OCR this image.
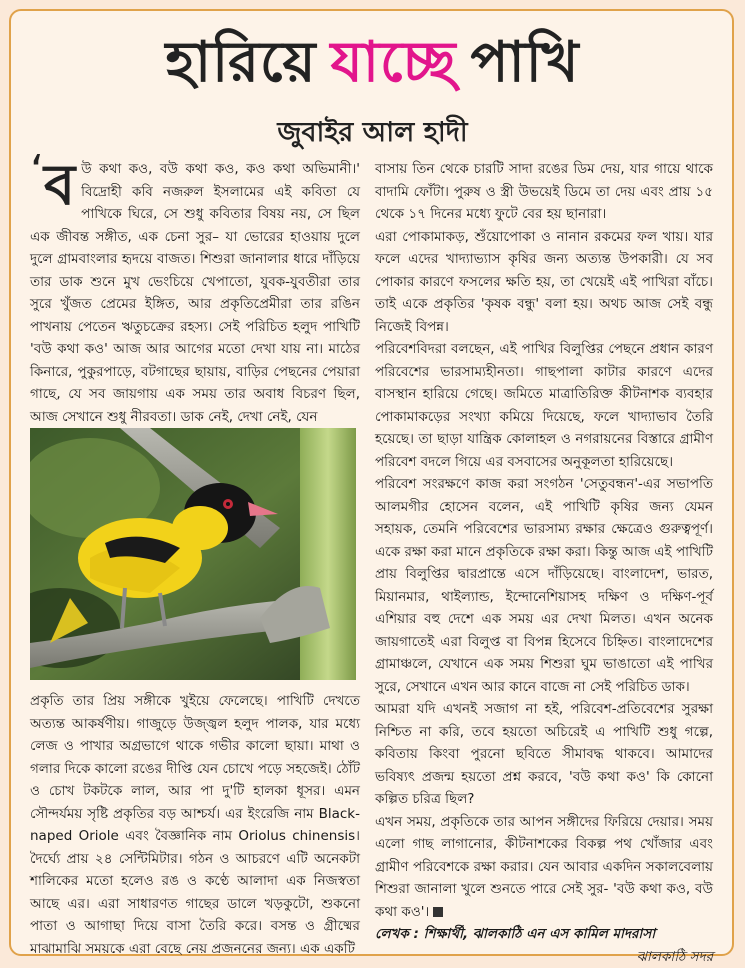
হারিয়ে যাচ্ছে পাখি
জুবাইর আল হাদী

‘ ব উ কথা কও, বউ কথা কও, কও কথা অভিমানী।' বিদ্রোহী কবি নজরুল ইসলামের এই কবিতা যে পাখিকে ঘিরে, সে শুধু কবিতার বিষয় নয়, সে ছিল এক জীবন্ত সঙ্গীত, এক চেনা সুর– যা ভোরের হাওয়ায় দুলে দুলে গ্রামবাংলার হৃদয়ে বাজত। শিশুরা জানালার ধারে দাঁড়িয়ে তার ডাক শুনে মুখ ভেংচিয়ে খেপাতো, যুবক-যুবতীরা তার সুরে খুঁজত প্রেমের ইঙ্গিত, আর প্রকৃতিপ্রেমীরা তার রঙিন পাখনায় পেতেন ঋতুচক্রের রহস্য। সেই পরিচিত হলুদ পাখিটি 'বউ কথা কও' আজ আর আগের মতো দেখা যায় না। মাঠের কিনারে, পুকুরপাড়ে, বটগাছের ছায়ায়, বাড়ির পেছনের পেয়ারা গাছে, যে সব জায়গায় এক সময় তার অবাধ বিচরণ ছিল, আজ সেখানে শুধু নীরবতা। ডাক নেই, দেখা নেই, যেন

প্রকৃতি তার প্রিয় সঙ্গীকে খুইয়ে ফেলেছে। পাখিটি দেখতে অত্যন্ত আকর্ষণীয়। গাজুড়ে উজ্জ্বল হলুদ পালক, যার মধ্যে লেজ ও পাখার অগ্রভাগে থাকে গভীর কালো ছায়া। মাথা ও গলার দিকে কালো রঙের দীপ্তি যেন চোখে পড়ে সহজেই। ঠোঁট ও চোখ টকটকে লাল, আর পা দু'টি হালকা ধূসর। এমন সৌন্দর্যময় সৃষ্টি প্রকৃতির বড় আশ্চর্য। এর ইংরেজি নাম Black-naped Oriole এবং বৈজ্ঞানিক নাম Oriolus chinensis। দৈর্ঘ্যে প্রায় ২৪ সেন্টিমিটার। গঠন ও আচরণে এটি অনেকটা শালিকের মতো হলেও রঙ ও কণ্ঠে আলাদা এক নিজস্বতা আছে এর। এরা সাধারণত গাছের ডালে খড়কুটো, শুকনো পাতা ও আগাছা দিয়ে বাসা তৈরি করে। বসন্ত ও গ্রীষ্মের মাঝামাঝি সময়কে এরা বেছে নেয় প্রজননের জন্য। এক একটি

বাসায় তিন থেকে চারটি সাদা রঙের ডিম দেয়, যার গায়ে থাকে বাদামি ফোঁটা। পুরুষ ও স্ত্রী উভয়েই ডিমে তা দেয় এবং প্রায় ১৫ থেকে ১৭ দিনের মধ্যে ফুটে বের হয় ছানারা।

এরা পোকামাকড়, শুঁয়োপোকা ও নানান রকমের ফল খায়। যার ফলে এদের খাদ্যাভ্যাস কৃষির জন্য অত্যন্ত উপকারী। যে সব পোকার কারণে ফসলের ক্ষতি হয়, তা খেয়েই এই পাখিরা বাঁচে। তাই একে প্রকৃতির 'কৃষক বন্ধু' বলা হয়। অথচ আজ সেই বন্ধু নিজেই বিপন্ন।

পরিবেশবিদরা বলছেন, এই পাখির বিলুপ্তির পেছনে প্রধান কারণ পরিবেশের ভারসাম্যহীনতা। গাছপালা কাটার কারণে এদের বাসস্থান হারিয়ে গেছে। জমিতে মাত্রাতিরিক্ত কীটনাশক ব্যবহার পোকামাকড়ের সংখ্যা কমিয়ে দিয়েছে, ফলে খাদ্যাভাব তৈরি হয়েছে। তা ছাড়া যান্ত্রিক কোলাহল ও নগরায়নের বিস্তারে গ্রামীণ পরিবেশ বদলে গিয়ে এর বসবাসের অনুকূলতা হারিয়েছে।

পরিবেশ সংরক্ষণে কাজ করা সংগঠন 'সেতুবন্ধন'-এর সভাপতি আলমগীর হোসেন বলেন, এই পাখিটি কৃষির জন্য যেমন সহায়ক, তেমনি পরিবেশের ভারসাম্য রক্ষার ক্ষেত্রেও গুরুত্বপূর্ণ। একে রক্ষা করা মানে প্রকৃতিকে রক্ষা করা। কিন্তু আজ এই পাখিটি প্রায় বিলুপ্তির দ্বারপ্রান্তে এসে দাঁড়িয়েছে। বাংলাদেশ, ভারত, মিয়ানমার, থাইল্যান্ড, ইন্দোনেশিয়াসহ দক্ষিণ ও দক্ষিণ-পূর্ব এশিয়ার বহু দেশে এক সময় এর দেখা মিলত। এখন অনেক জায়গাতেই এরা বিলুপ্ত বা বিপন্ন হিসেবে চিহ্নিত। বাংলাদেশের গ্রামাঞ্চলে, যেখানে এক সময় শিশুরা ঘুম ভাঙাতো এই পাখির সুরে, সেখানে এখন আর কানে বাজে না সেই পরিচিত ডাক।

আমরা যদি এখনই সজাগ না হই, পরিবেশ-প্রতিবেশের সুরক্ষা নিশ্চিত না করি, তবে হয়তো অচিরেই এ পাখিটি শুধু গল্পে, কবিতায় কিংবা পুরনো ছবিতে সীমাবদ্ধ থাকবে। আমাদের ভবিষ্যৎ প্রজন্ম হয়তো প্রশ্ন করবে, 'বউ কথা কও' কি কোনো কল্পিত চরিত্র ছিল?

এখন সময়, প্রকৃতিকে তার আপন সঙ্গীদের ফিরিয়ে দেয়ার। সময় এলো গাছ লাগানোর, কীটনাশকের বিকল্প পথ খোঁজার এবং গ্রামীণ পরিবেশকে রক্ষা করার। যেন আবার একদিন সকালবেলায় শিশুরা জানালা খুলে শুনতে পারে সেই সুর- 'বউ কথা কও, বউ কথা কও'।

লেখক : শিক্ষার্থী, ঝালকাঠি এন এস কামিল মাদরাসা

ঝালকাঠি সদর
